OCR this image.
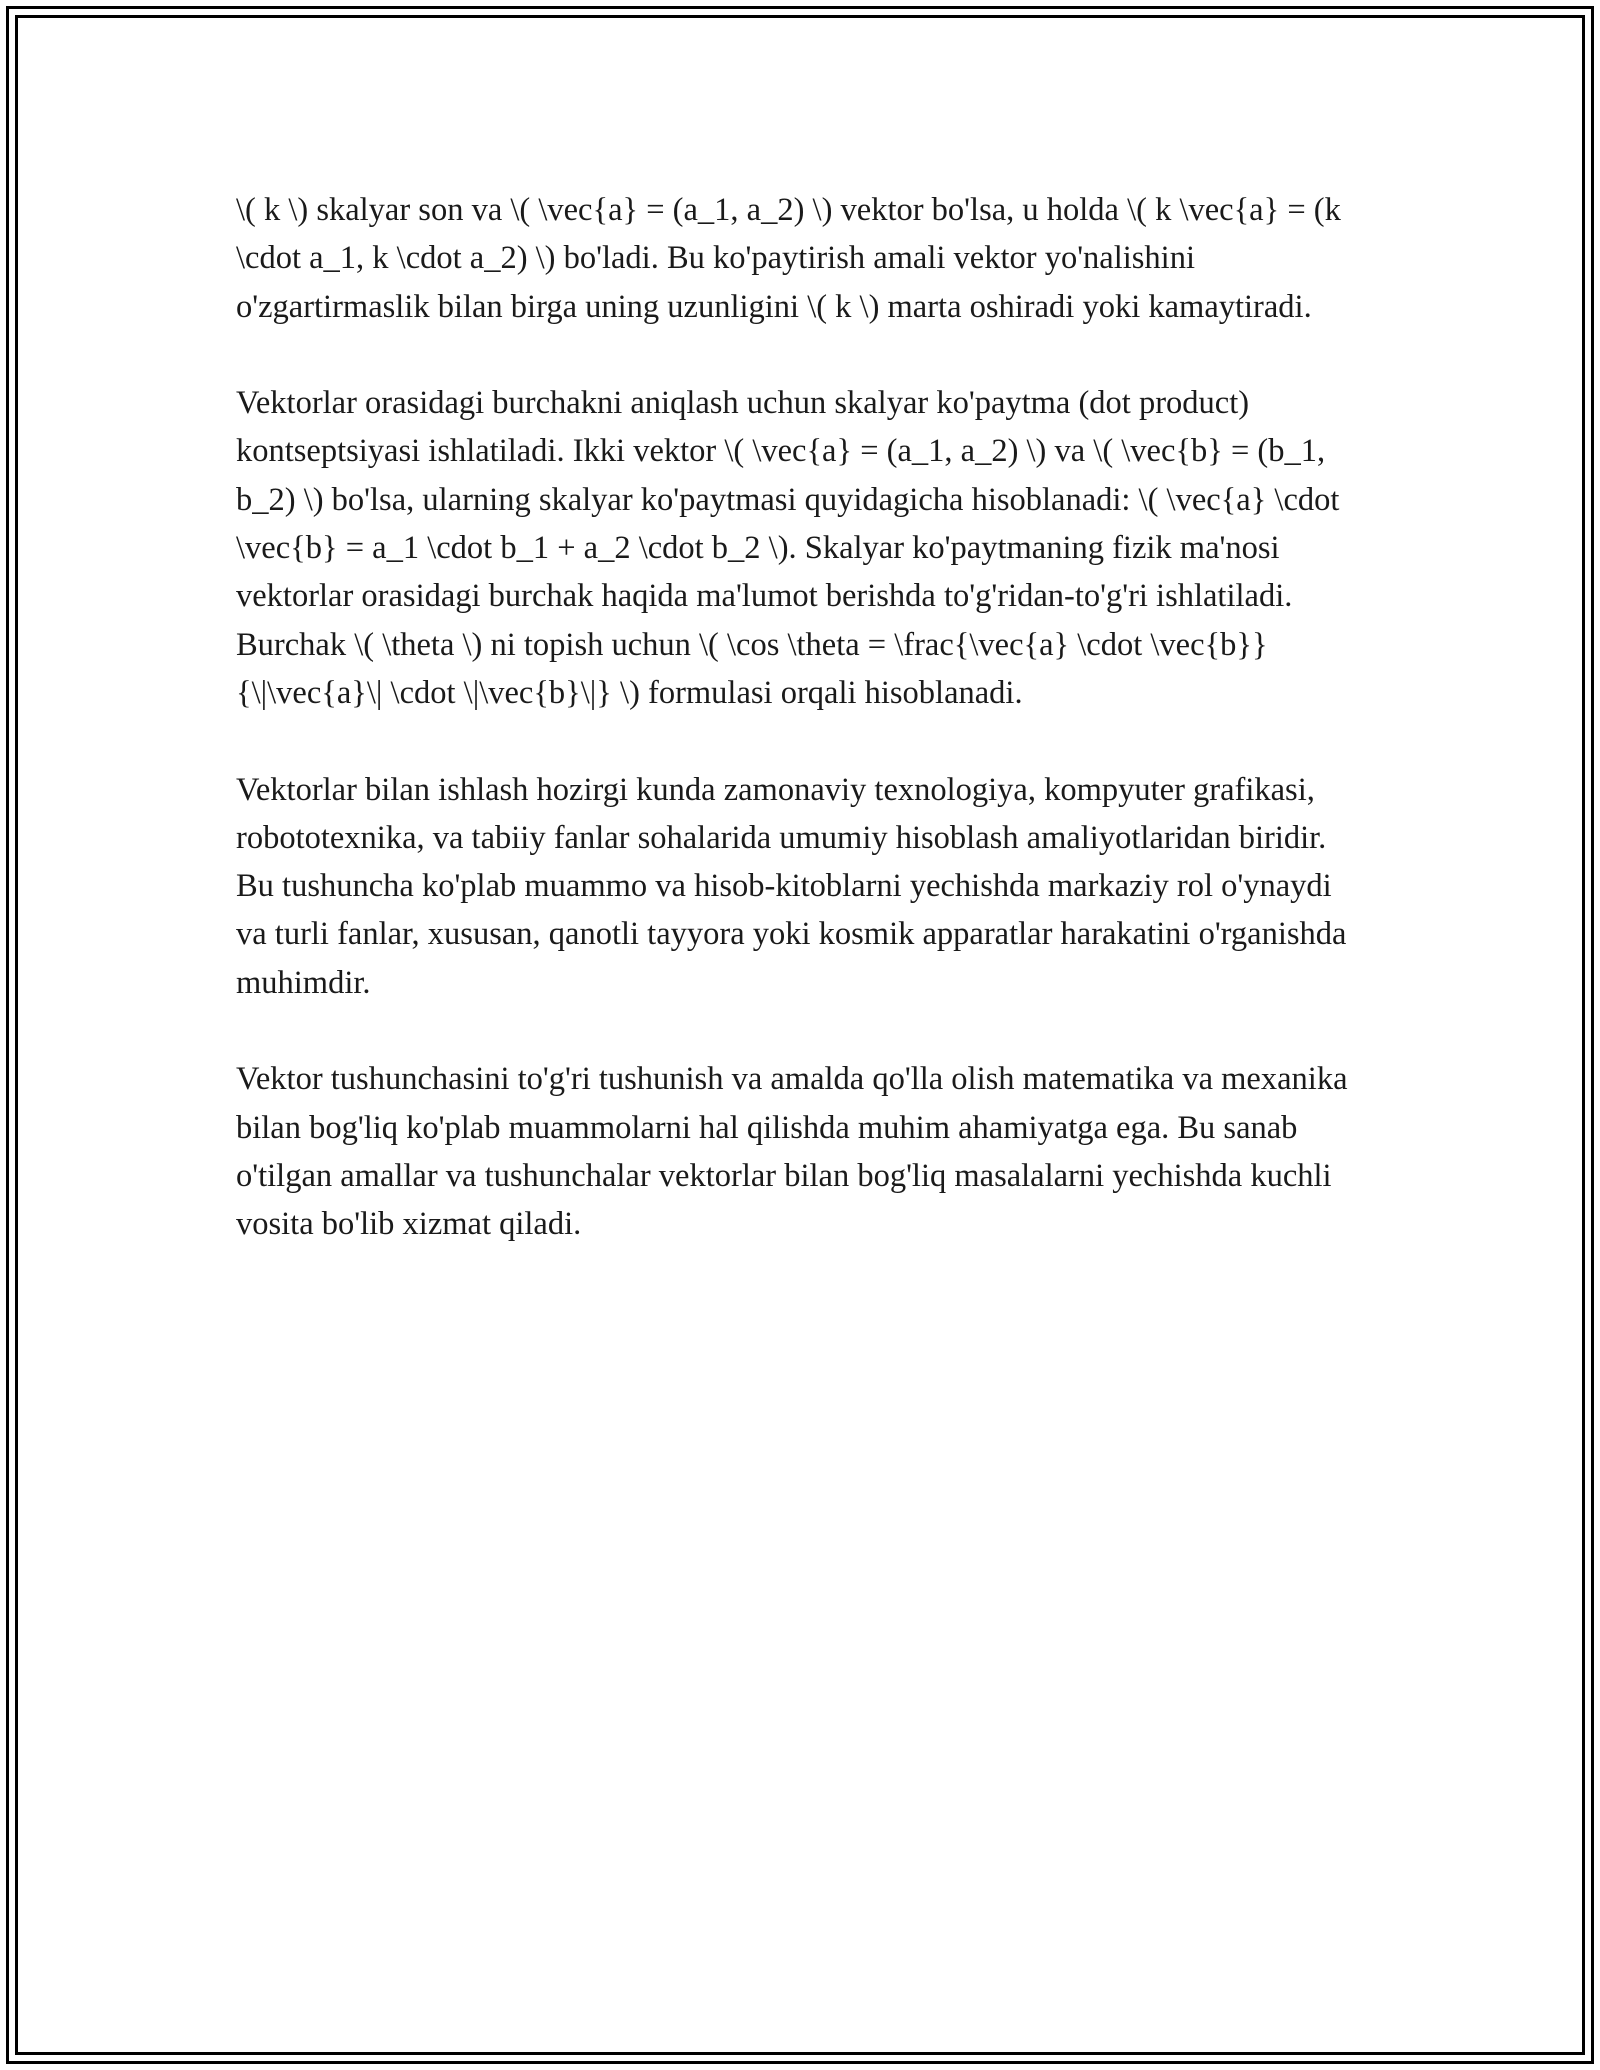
\( k \) skalyar son va \( \vec{a} = (a_1, a_2) \) vektor bo'lsa, u holda \( k \vec{a} = (k \cdot a_1, k \cdot a_2) \) bo'ladi. Bu ko'paytirish amali vektor yo'nalishini o'zgartirmaslik bilan birga uning uzunligini \( k \) marta oshiradi yoki kamaytiradi.

Vektorlar orasidagi burchakni aniqlash uchun skalyar ko'paytma (dot product) kontseptsiyasi ishlatiladi. Ikki vektor \( \vec{a} = (a_1, a_2) \) va \( \vec{b} = (b_1, b_2) \) bo'lsa, ularning skalyar ko'paytmasi quyidagicha hisoblanadi: \( \vec{a} \cdot \vec{b} = a_1 \cdot b_1 + a_2 \cdot b_2 \). Skalyar ko'paytmaning fizik ma'nosi vektorlar orasidagi burchak haqida ma'lumot berishda to'g'ridan-to'g'ri ishlatiladi. Burchak \( \theta \) ni topish uchun \( \cos \theta = \frac{\vec{a} \cdot \vec{b}}{\|\vec{a}\| \cdot \|\vec{b}\|} \) formulasi orqali hisoblanadi.

Vektorlar bilan ishlash hozirgi kunda zamonaviy texnologiya, kompyuter grafikasi, robototexnika, va tabiiy fanlar sohalarida umumiy hisoblash amaliyotlaridan biridir. Bu tushuncha ko'plab muammo va hisob-kitoblarni yechishda markaziy rol o'ynaydi va turli fanlar, xususan, qanotli tayyora yoki kosmik apparatlar harakatini o'rganishda muhimdir.

Vektor tushunchasini to'g'ri tushunish va amalda qo'lla olish matematika va mexanika bilan bog'liq ko'plab muammolarni hal qilishda muhim ahamiyatga ega. Bu sanab o'tilgan amallar va tushunchalar vektorlar bilan bog'liq masalalarni yechishda kuchli vosita bo'lib xizmat qiladi.
